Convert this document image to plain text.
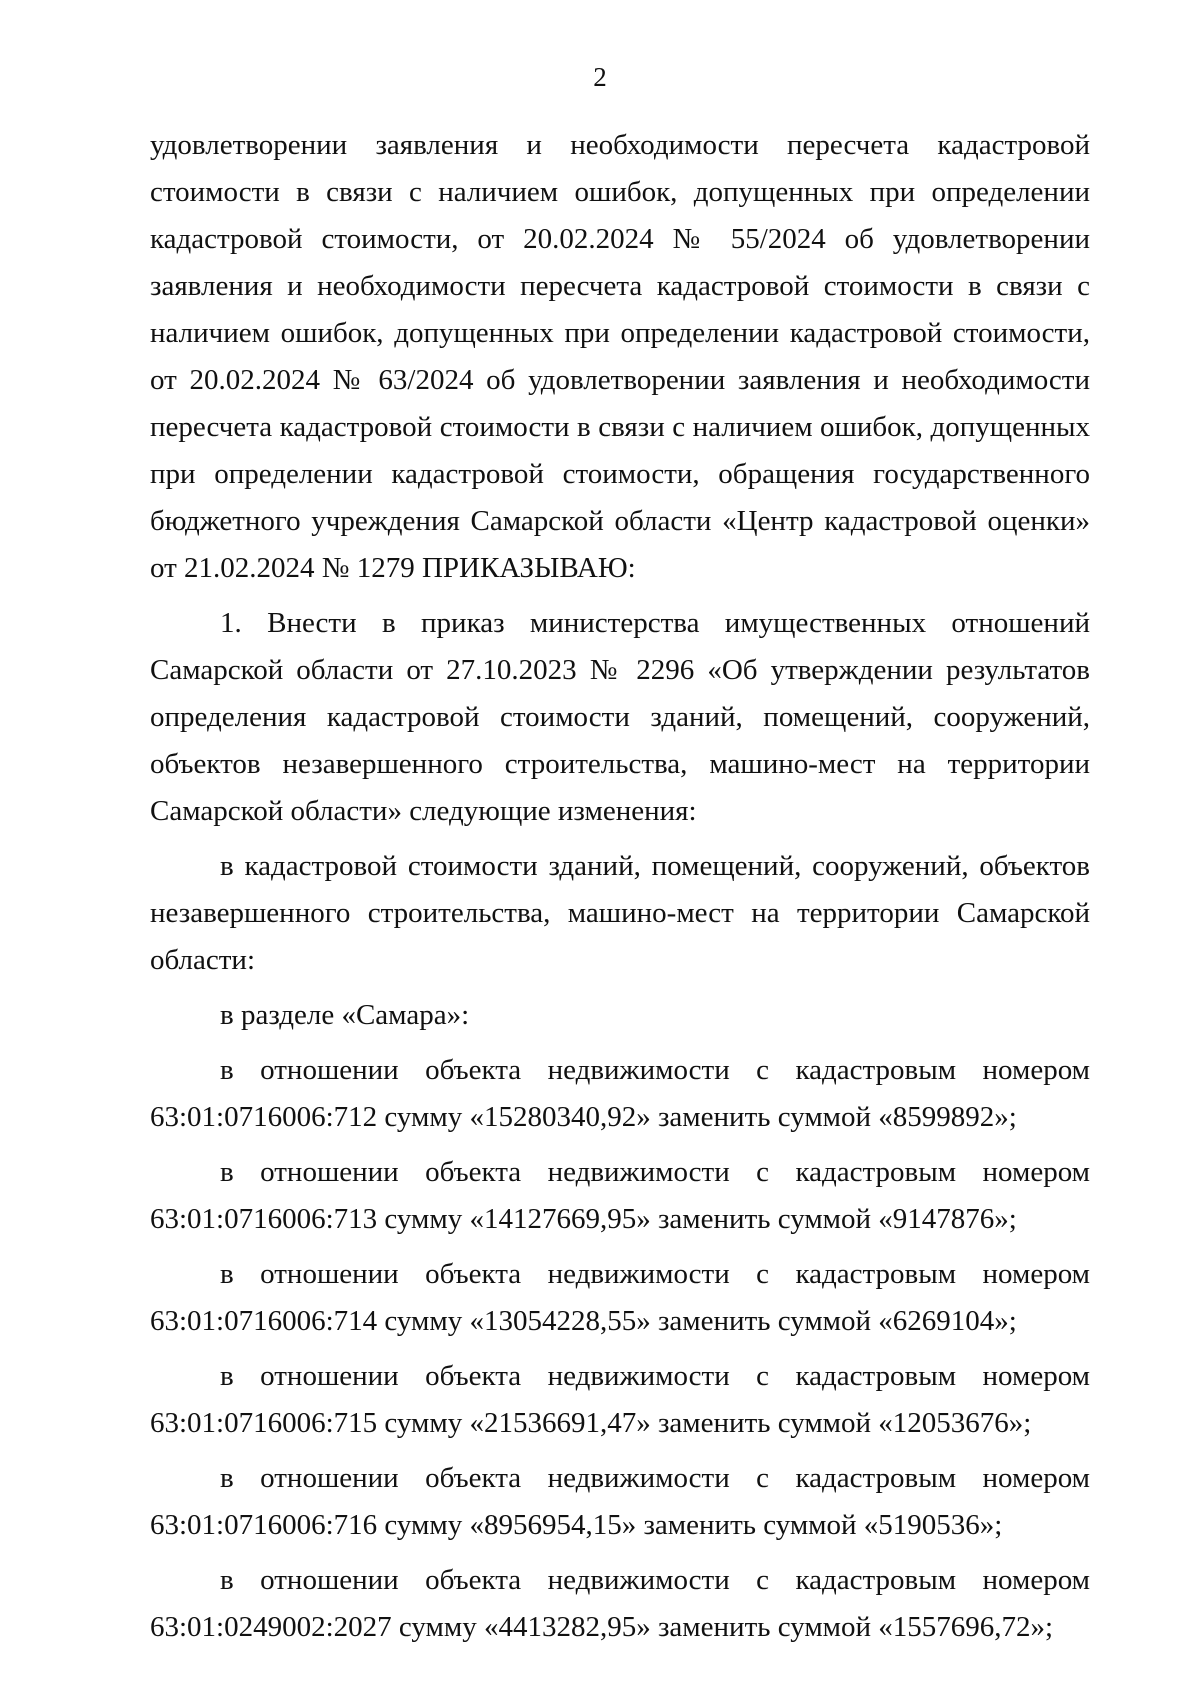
2

удовлетворении заявления и необходимости пересчета кадастровой стоимости в связи с наличием ошибок, допущенных при определении кадастровой стоимости, от 20.02.2024 № 55/2024 об удовлетворении заявления и необходимости пересчета кадастровой стоимости в связи с наличием ошибок, допущенных при определении кадастровой стоимости, от 20.02.2024 № 63/2024 об удовлетворении заявления и необходимости пересчета кадастровой стоимости в связи с наличием ошибок, допущенных при определении кадастровой стоимости, обращения государственного бюджетного учреждения Самарской области «Центр кадастровой оценки» от 21.02.2024 № 1279 ПРИКАЗЫВАЮ:

1. Внести в приказ министерства имущественных отношений Самарской области от 27.10.2023 № 2296 «Об утверждении результатов определения кадастровой стоимости зданий, помещений, сооружений, объектов незавершенного строительства, машино-мест на территории Самарской области» следующие изменения:

в кадастровой стоимости зданий, помещений, сооружений, объектов незавершенного строительства, машино-мест на территории Самарской области:

в разделе «Самара»:

в отношении объекта недвижимости с кадастровым номером 63:01:0716006:712 сумму «15280340,92» заменить суммой «8599892»;

в отношении объекта недвижимости с кадастровым номером 63:01:0716006:713 сумму «14127669,95» заменить суммой «9147876»;

в отношении объекта недвижимости с кадастровым номером 63:01:0716006:714 сумму «13054228,55» заменить суммой «6269104»;

в отношении объекта недвижимости с кадастровым номером 63:01:0716006:715 сумму «21536691,47» заменить суммой «12053676»;

в отношении объекта недвижимости с кадастровым номером 63:01:0716006:716 сумму «8956954,15» заменить суммой «5190536»;

в отношении объекта недвижимости с кадастровым номером 63:01:0249002:2027 сумму «4413282,95» заменить суммой «1557696,72»;
